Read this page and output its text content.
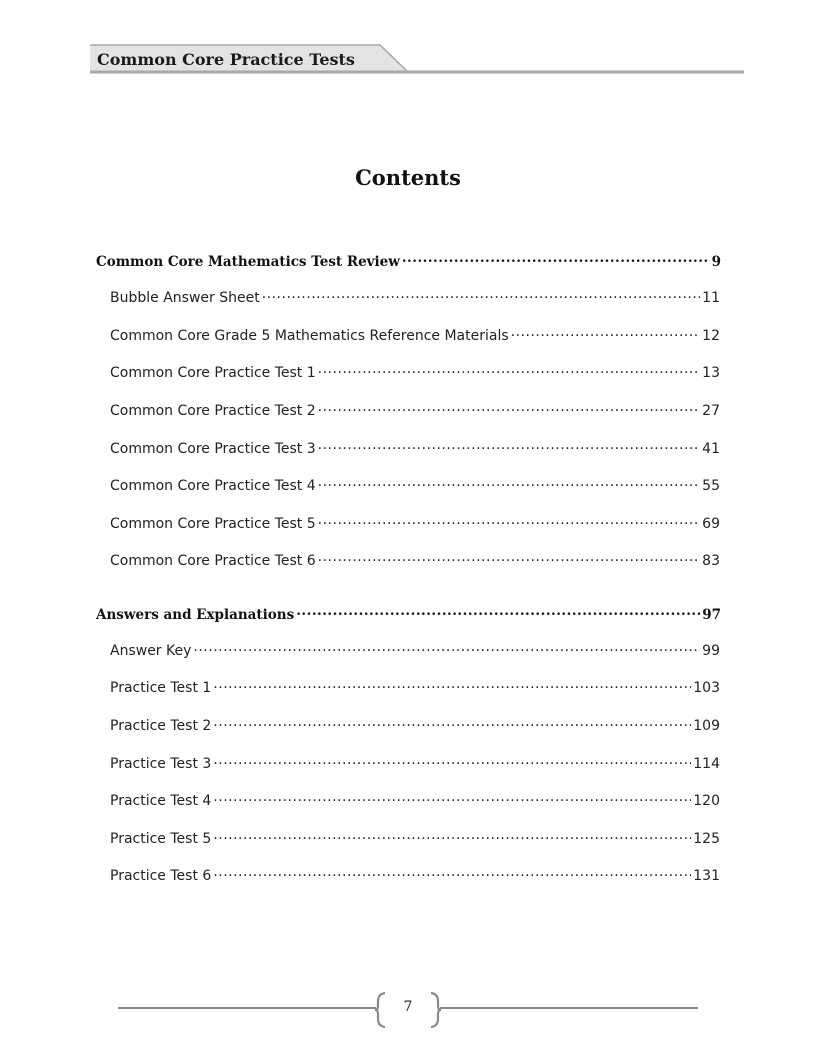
Common Core Practice Tests
Contents
Common Core Mathematics Test Review .....	9
Bubble Answer Sheet .....	11
Common Core Grade 5 Mathematics Reference Materials .....	12
Common Core Practice Test 1 .....	13
Common Core Practice Test 2 .....	27
Common Core Practice Test 3 .....	41
Common Core Practice Test 4 .....	55
Common Core Practice Test 5 .....	69
Common Core Practice Test 6 .....	83
Answers and Explanations .....	97
Answer Key .....	99
Practice Test 1 .....	103
Practice Test 2 .....	109
Practice Test 3 .....	114
Practice Test 4 .....	120
Practice Test 5 .....	125
Practice Test 6 .....	131
7
